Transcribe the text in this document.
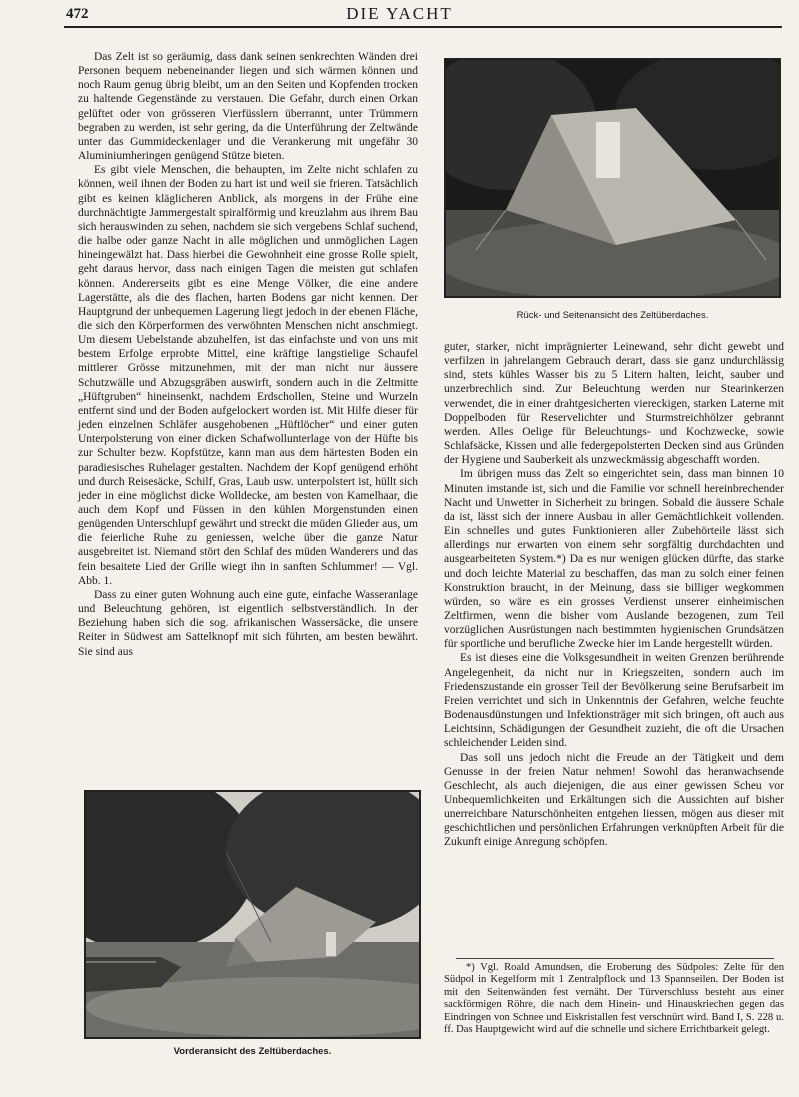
472	DIE YACHT

Das Zelt ist so geräumig, dass dank seinen senkrechten Wänden drei Personen bequem nebeneinander liegen und sich wärmen können und noch Raum genug übrig bleibt, um an den Seiten und Kopfenden trocken zu haltende Gegenstände zu verstauen. Die Gefahr, durch einen Orkan gelüftet oder von grösseren Vierfüsslern überrannt, unter Trümmern begraben zu werden, ist sehr gering, da die Unterführung der Zeltwände unter das Gummideckenlager und die Verankerung mit ungefähr 30 Aluminiumheringen genügend Stütze bieten.

Es gibt viele Menschen, die behaupten, im Zelte nicht schlafen zu können, weil ihnen der Boden zu hart ist und weil sie frieren. Tatsächlich gibt es keinen kläglicheren Anblick, als morgens in der Frühe eine durchnächtigte Jammergestalt spiralförmig und kreuzlahm aus ihrem Bau sich herauswinden zu sehen, nachdem sie sich vergebens Schlaf suchend, die halbe oder ganze Nacht in alle möglichen und unmöglichen Lagen hineingewälzt hat. Dass hierbei die Gewohnheit eine grosse Rolle spielt, geht daraus hervor, dass nach einigen Tagen die meisten gut schlafen können. Andererseits gibt es eine Menge Völker, die eine andere Lagerstätte, als die des flachen, harten Bodens gar nicht kennen. Der Hauptgrund der unbequemen Lagerung liegt jedoch in der ebenen Fläche, die sich den Körperformen des verwöhnten Menschen nicht anschmiegt. Um diesem Uebelstande abzuhelfen, ist das einfachste und von uns mit bestem Erfolge erprobte Mittel, eine kräftige langstielige Schaufel mittlerer Grösse mitzunehmen, mit der man nicht nur äussere Schutzwälle und Abzugsgräben auswirft, sondern auch in die Zeltmitte „Hüftgruben“ hineinsenkt, nachdem Erdschollen, Steine und Wurzeln entfernt sind und der Boden aufgelockert worden ist. Mit Hilfe dieser für jeden einzelnen Schläfer ausgehobenen „Hüftlöcher“ und einer guten Unterpolsterung von einer dicken Schafwollunterlage von der Hüfte bis zur Schulter bezw. Kopfstütze, kann man aus dem härtesten Boden ein paradiesisches Ruhelager gestalten. Nachdem der Kopf genügend erhöht und durch Reisesäcke, Schilf, Gras, Laub usw. unterpolstert ist, hüllt sich jeder in eine möglichst dicke Wolldecke, am besten von Kamelhaar, die auch dem Kopf und Füssen in den kühlen Morgenstunden einen genügenden Unterschlupf gewährt und streckt die müden Glieder aus, um die feierliche Ruhe zu geniessen, welche über die ganze Natur ausgebreitet ist. Niemand stört den Schlaf des müden Wanderers und das fein besaitete Lied der Grille wiegt ihn in sanften Schlummer! — Vgl. Abb. 1.

Dass zu einer guten Wohnung auch eine gute, einfache Wasseranlage und Beleuchtung gehören, ist eigentlich selbstverständlich. In der Beziehung haben sich die sog. afrikanischen Wassersäcke, die unsere Reiter in Südwest am Sattelknopf mit sich führten, am besten bewährt. Sie sind aus

Rück- und Seitenansicht des Zeltüberdaches.

guter, starker, nicht imprägnierter Leinewand, sehr dicht gewebt und verfilzen in jahrelangem Gebrauch derart, dass sie ganz undurchlässig sind, stets kühles Wasser bis zu 5 Litern halten, leicht, sauber und unzerbrechlich sind. Zur Beleuchtung werden nur Stearinkerzen verwendet, die in einer drahtgesicherten viereckigen, starken Laterne mit Doppelboden für Reservelichter und Sturmstreichhölzer gebrannt werden. Alles Oelige für Beleuchtungs- und Kochzwecke, sowie Schlafsäcke, Kissen und alle federgepolsterten Decken sind aus Gründen der Hygiene und Sauberkeit als unzweckmässig abgeschafft worden.

Im übrigen muss das Zelt so eingerichtet sein, dass man binnen 10 Minuten imstande ist, sich und die Familie vor schnell hereinbrechender Nacht und Unwetter in Sicherheit zu bringen. Sobald die äussere Schale da ist, lässt sich der innere Ausbau in aller Gemächtlichkeit vollenden. Ein schnelles und gutes Funktionieren aller Zubehörteile lässt sich allerdings nur erwarten von einem sehr sorgfältig durchdachten und ausgearbeiteten System.*) Da es nur wenigen glücken dürfte, das starke und doch leichte Material zu beschaffen, das man zu solch einer feinen Konstruktion braucht, in der Meinung, dass sie billiger wegkommen würden, so wäre es ein grosses Verdienst unserer einheimischen Zeltfirmen, wenn die bisher vom Auslande bezogenen, zum Teil vorzüglichen Ausrüstungen nach bestimmten hygienischen Grundsätzen für sportliche und berufliche Zwecke hier im Lande hergestellt würden.

Es ist dieses eine die Volksgesundheit in weiten Grenzen berührende Angelegenheit, da nicht nur in Kriegszeiten, sondern auch im Friedenszustande ein grosser Teil der Bevölkerung seine Berufsarbeit im Freien verrichtet und sich in Unkenntnis der Gefahren, welche feuchte Bodenausdünstungen und Infektionsträger mit sich bringen, oft auch aus Leichtsinn, Schädigungen der Gesundheit zuzieht, die oft die Ursachen schleichender Leiden sind.

Das soll uns jedoch nicht die Freude an der Tätigkeit und dem Genusse in der freien Natur nehmen! Sowohl das heranwachsende Geschlecht, als auch diejenigen, die aus einer gewissen Scheu vor Unbequemlichkeiten und Erkältungen sich die Aussichten auf bisher unerreichbare Naturschönheiten entgehen liessen, mögen aus dieser mit geschichtlichen und persönlichen Erfahrungen verknüpften Arbeit für die Zukunft einige Anregung schöpfen.

Vorderansicht des Zeltüberdaches.

*) Vgl. Roald Amundsen, die Eroberung des Südpoles: Zelte für den Südpol in Kegelform mit 1 Zentralpflock und 13 Spannseilen. Der Boden ist mit den Seitenwänden fest vernäht. Der Türverschluss besteht aus einer sackförmigen Röhre, die nach dem Hinein- und Hinauskriechen gegen das Eindringen von Schnee und Eiskristallen fest verschnürt wird. Band I, S. 228 u. ff. Das Hauptgewicht wird auf die schnelle und sichere Errichtbarkeit gelegt.
